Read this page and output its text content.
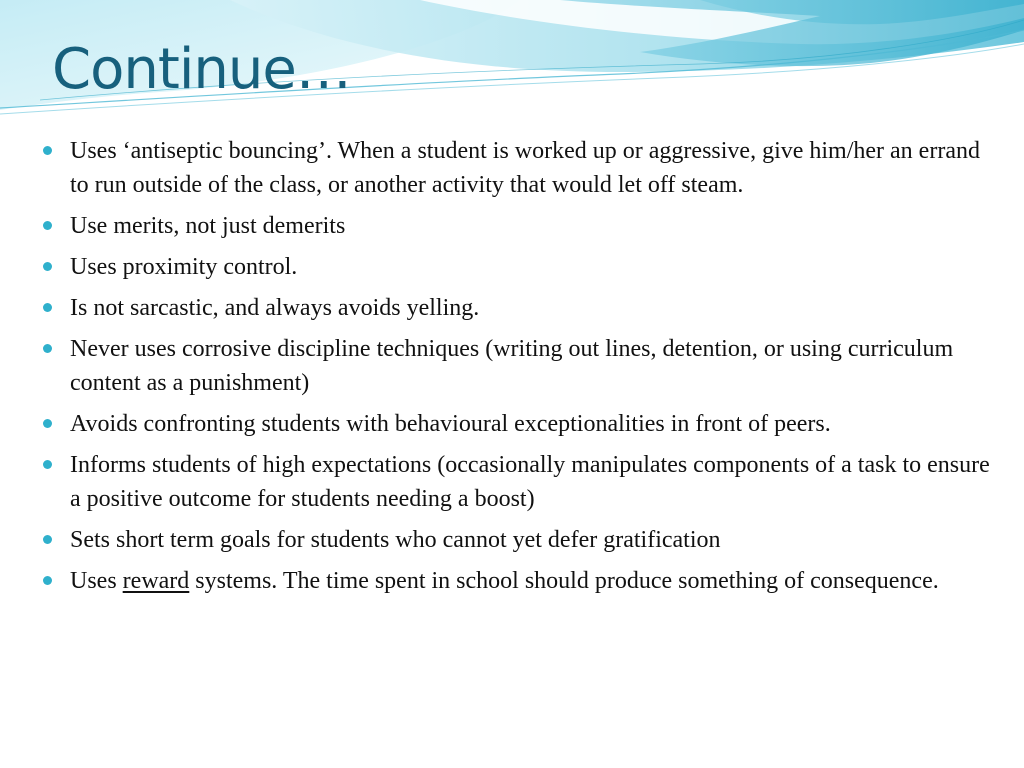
Continue…
Uses ‘antiseptic bouncing’. When a student is worked up or aggressive, give him/her an errand to run outside of the class, or another activity that would let off steam.
Use merits, not just demerits
Uses proximity control.
Is not sarcastic, and always avoids yelling.
Never uses corrosive discipline techniques (writing out lines, detention, or using curriculum content as a punishment)
Avoids confronting students with behavioural exceptionalities in front of peers.
Informs students of high expectations (occasionally manipulates components of a task to ensure a positive outcome for students needing a boost)
Sets short term goals for students who cannot yet defer gratification
Uses reward systems. The time spent in school should produce something of consequence.
